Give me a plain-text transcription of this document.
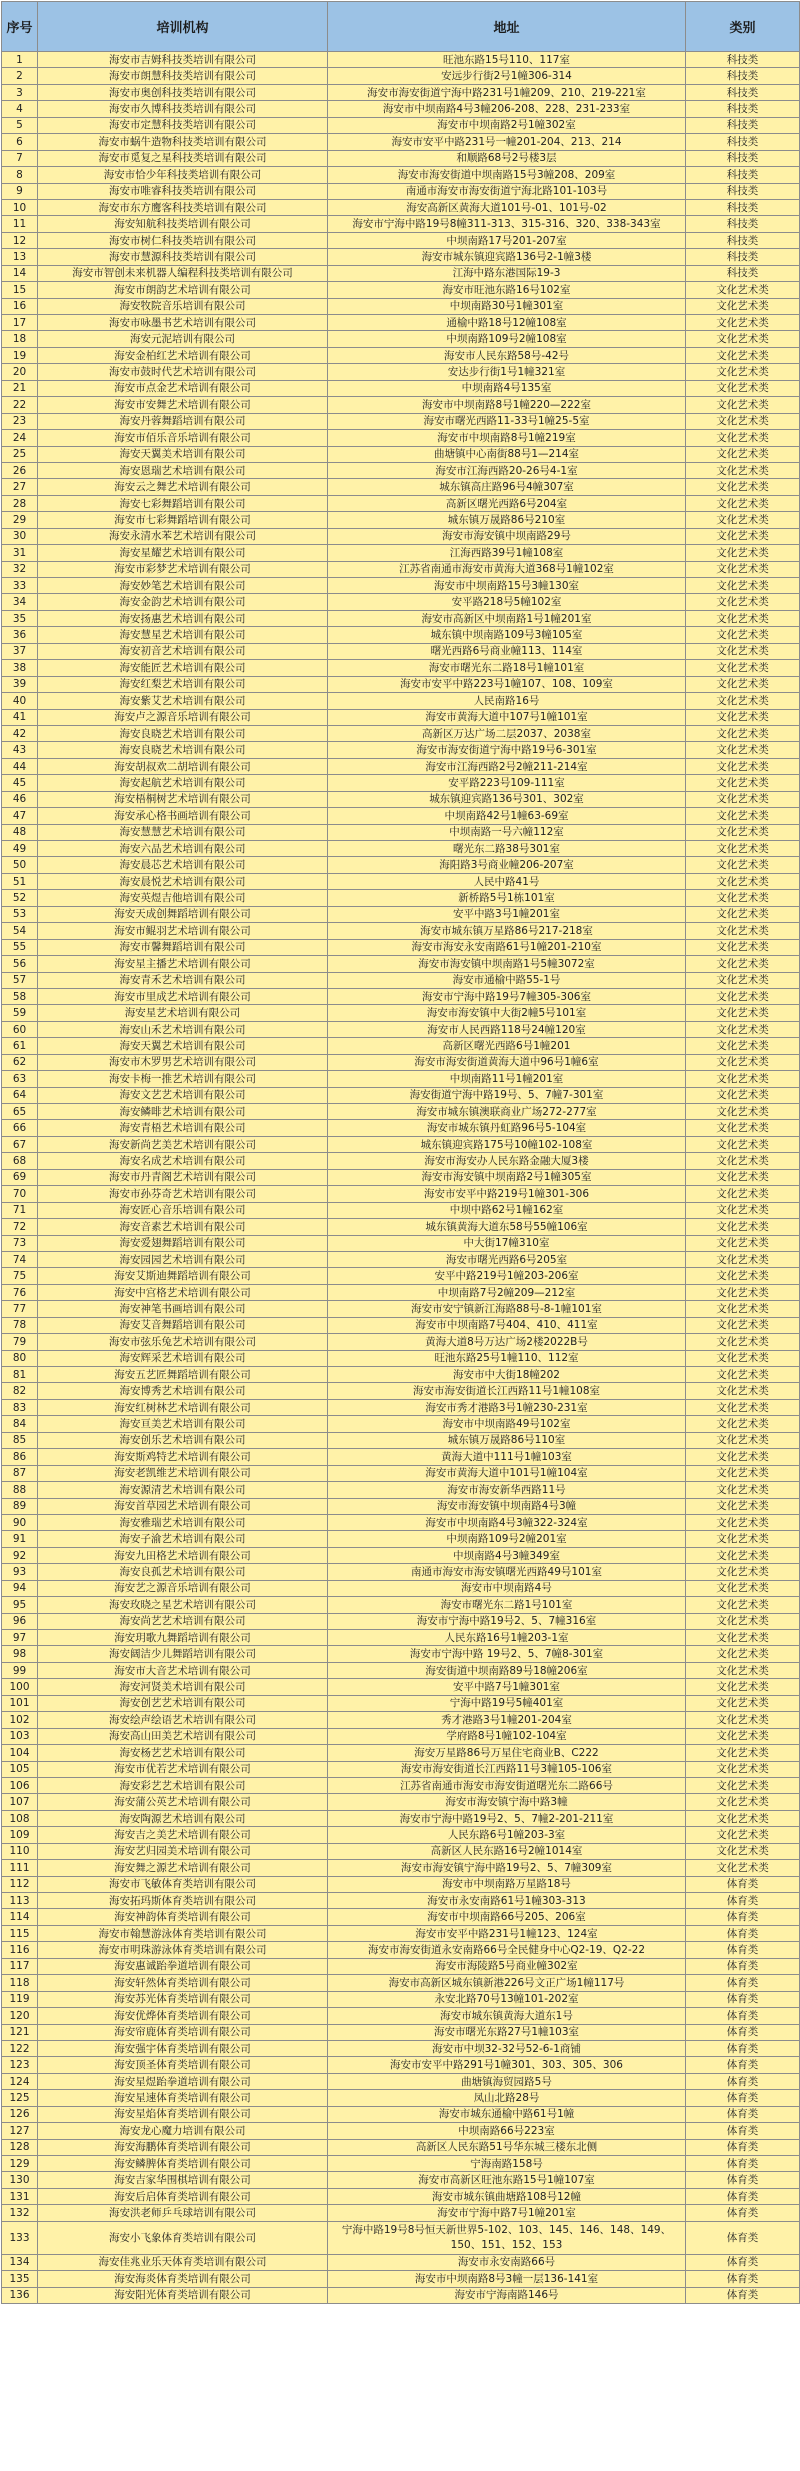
序号	培训机构	地址	类别
1	海安市吉姆科技类培训有限公司	旺池东路15号110、117室	科技类
2	海安市朗慧科技类培训有限公司	安远步行街2号1幢306-314	科技类
3	海安市奥创科技类培训有限公司	海安市海安街道宁海中路231号1幢209、210、219-221室	科技类
4	海安市久博科技类培训有限公司	海安市中坝南路4号3幢206-208、228、231-233室	科技类
5	海安市定慧科技类培训有限公司	海安市中坝南路2号1幢302室	科技类
6	海安市蜗牛造物科技类培训有限公司	海安市安平中路231号一幢201-204、213、214	科技类
7	海安市觅复之星科技类培训有限公司	和顺路68号2号楼3层	科技类
8	海安市恰少年科技类培训有限公司	海安市海安街道中坝南路15号3幢208、209室	科技类
9	海安市唯睿科技类培训有限公司	南通市海安市海安街道宁海北路101-103号	科技类
10	海安市东方鹰客科技类培训有限公司	海安高新区黄海大道101号-01、101号-02	科技类
11	海安知航科技类培训有限公司	海安市宁海中路19号8幢311-313、315-316、320、338-343室	科技类
12	海安市树仁科技类培训有限公司	中坝南路17号201-207室	科技类
13	海安市慧源科技类培训有限公司	海安市城东镇迎宾路136号2-1幢3楼	科技类
14	海安市智创未来机器人编程科技类培训有限公司	江海中路东港国际19-3	科技类
15	海安市朗韵艺术培训有限公司	海安市旺池东路16号102室	文化艺术类
16	海安牧院音乐培训有限公司	中坝南路30号1幢301室	文化艺术类
17	海安市咏墨书艺术培训有限公司	通榆中路18号12幢108室	文化艺术类
18	海安元泥培训有限公司	中坝南路109号2幢108室	文化艺术类
19	海安金柏红艺术培训有限公司	海安市人民东路58号-42号	文化艺术类
20	海安市鼓时代艺术培训有限公司	安达步行街1号1幢321室	文化艺术类
21	海安市点金艺术培训有限公司	中坝南路4号135室	文化艺术类
22	海安市安舞艺术培训有限公司	海安市中坝南路8号1幢220—222室	文化艺术类
23	海安丹蓉舞蹈培训有限公司	海安市曙光西路11-33号1幢25-5室	文化艺术类
24	海安市佰乐音乐培训有限公司	海安市中坝南路8号1幢219室	文化艺术类
25	海安天翼美术培训有限公司	曲塘镇中心南街88号1—214室	文化艺术类
26	海安恩瑞艺术培训有限公司	海安市江海西路20-26号4-1室	文化艺术类
27	海安云之舞艺术培训有限公司	城东镇高庄路96号4幢307室	文化艺术类
28	海安七彩舞蹈培训有限公司	高新区曙光西路6号204室	文化艺术类
29	海安市七彩舞蹈培训有限公司	城东镇万晟路86号210室	文化艺术类
30	海安永清水苯艺术培训有限公司	海安市海安镇中坝南路29号	文化艺术类
31	海安星耀艺术培训有限公司	江海西路39号1幢108室	文化艺术类
32	海安市彩梦艺术培训有限公司	江苏省南通市海安市黄海大道368号1幢102室	文化艺术类
33	海安妙笔艺术培训有限公司	海安市中坝南路15号3幢130室	文化艺术类
34	海安金韵艺术培训有限公司	安平路218号5幢102室	文化艺术类
35	海安扬惠艺术培训有限公司	海安市高新区中坝南路1号1幢201室	文化艺术类
36	海安慧星艺术培训有限公司	城东镇中坝南路109号3幢105室	文化艺术类
37	海安初音艺术培训有限公司	曙光西路6号商业幢113、114室	文化艺术类
38	海安能匠艺术培训有限公司	海安市曙光东二路18号1幢101室	文化艺术类
39	海安红梨艺术培训有限公司	海安市安平中路223号1幢107、108、109室	文化艺术类
40	海安紫艾艺术培训有限公司	人民南路16号	文化艺术类
41	海安卢之源音乐培训有限公司	海安市黄海大道中107号1幢101室	文化艺术类
42	海安良晓艺术培训有限公司	高新区万达广场二层2037、2038室	文化艺术类
43	海安良晓艺术培训有限公司	海安市海安街道宁海中路19号6-301室	文化艺术类
44	海安胡叔欢二胡培训有限公司	海安市江海西路2号2幢211-214室	文化艺术类
45	海安起航艺术培训有限公司	安平路223号109-111室	文化艺术类
46	海安梧桐树艺术培训有限公司	城东镇迎宾路136号301、302室	文化艺术类
47	海安承心格书画培训有限公司	中坝南路42号1幢63-69室	文化艺术类
48	海安慧慧艺术培训有限公司	中坝南路一号六幢112室	文化艺术类
49	海安六品艺术培训有限公司	曙光东二路38号301室	文化艺术类
50	海安晨芯艺术培训有限公司	海阳路3号商业幢206-207室	文化艺术类
51	海安晨悦艺术培训有限公司	人民中路41号	文化艺术类
52	海安英煜吉他培训有限公司	新桥路5号1栋101室	文化艺术类
53	海安天成创舞蹈培训有限公司	安平中路3号1幢201室	文化艺术类
54	海安市鲲羽艺术培训有限公司	海安市城东镇万星路86号217-218室	文化艺术类
55	海安市馨舞蹈培训有限公司	海安市海安永安南路61号1幢201-210室	文化艺术类
56	海安星主播艺术培训有限公司	海安市海安镇中坝南路1号5幢3072室	文化艺术类
57	海安青禾艺术培训有限公司	海安市通榆中路55-1号	文化艺术类
58	海安市里成艺术培训有限公司	海安市宁海中路19号7幢305-306室	文化艺术类
59	海安星艺术培训有限公司	海安市海安镇中大街2幢5号101室	文化艺术类
60	海安山禾艺术培训有限公司	海安市人民西路118号24幢120室	文化艺术类
61	海安天翼艺术培训有限公司	高新区曙光西路6号1幢201	文化艺术类
62	海安市木罗男艺术培训有限公司	海安市海安街道黄海大道中96号1幢6室	文化艺术类
63	海安卡梅一推艺术培训有限公司	中坝南路11号1幢201室	文化艺术类
64	海安文艺艺术培训有限公司	海安街道宁海中路19号、5、7幢7-301室	文化艺术类
65	海安鳞啡艺术培训有限公司	海安市城东镇澳联商业广场272-277室	文化艺术类
66	海安青梧艺术培训有限公司	海安市城东镇丹虹路96号5-104室	文化艺术类
67	海安新尚艺美艺术培训有限公司	城东镇迎宾路175号10幢102-108室	文化艺术类
68	海安名成艺术培训有限公司	海安市海安办人民东路金融大厦3楼	文化艺术类
69	海安市丹青阁艺术培训有限公司	海安市海安镇中坝南路2号1幢305室	文化艺术类
70	海安市孙芬奇艺术培训有限公司	海安市安平中路219号1幢301-306	文化艺术类
71	海安匠心音乐培训有限公司	中坝中路62号1幢162室	文化艺术类
72	海安音素艺术培训有限公司	城东镇黄海大道东58号55幢106室	文化艺术类
73	海安爱翅舞蹈培训有限公司	中大街17幢310室	文化艺术类
74	海安园园艺术培训有限公司	海安市曙光西路6号205室	文化艺术类
75	海安艾斯迪舞蹈培训有限公司	安平中路219号1幢203-206室	文化艺术类
76	海安中宫格艺术培训有限公司	中坝南路7号2幢209—212室	文化艺术类
77	海安神笔书画培训有限公司	海安市安宁镇新江海路88号-8-1幢101室	文化艺术类
78	海安艾音舞蹈培训有限公司	海安市中坝南路7号404、410、411室	文化艺术类
79	海安市弦乐兔艺术培训有限公司	黄海大道8号万达广场2楼2022B号	文化艺术类
80	海安辉采艺术培训有限公司	旺池东路25号1幢110、112室	文化艺术类
81	海安五艺匠舞蹈培训有限公司	海安市中大街18幢202	文化艺术类
82	海安博秀艺术培训有限公司	海安市海安街道长江西路11号1幢108室	文化艺术类
83	海安红树林艺术培训有限公司	海安市秀才港路3号1幢230-231室	文化艺术类
84	海安亘美艺术培训有限公司	海安市中坝南路49号102室	文化艺术类
85	海安创乐艺术培训有限公司	城东镇万晟路86号110室	文化艺术类
86	海安斯鸡特艺术培训有限公司	黄海大道中111号1幢103室	文化艺术类
87	海安老凯维艺术培训有限公司	海安市黄海大道中101号1幢104室	文化艺术类
88	海安源清艺术培训有限公司	海安市海安新华西路11号	文化艺术类
89	海安首草园艺术培训有限公司	海安市海安镇中坝南路4号3幢	文化艺术类
90	海安雅瑞艺术培训有限公司	海安市中坝南路4号3幢322-324室	文化艺术类
91	海安子渝艺术培训有限公司	中坝南路109号2幢201室	文化艺术类
92	海安九田格艺术培训有限公司	中坝南路4号3幢349室	文化艺术类
93	海安良孤艺术培训有限公司	南通市海安市海安镇曙光西路49号101室	文化艺术类
94	海安艺之源音乐培训有限公司	海安市中坝南路4号	文化艺术类
95	海安玫晓之星艺术培训有限公司	海安市曙光东二路1号101室	文化艺术类
96	海安尚艺艺术培训有限公司	海安市宁海中路19号2、5、7幢316室	文化艺术类
97	海安玥歌九舞蹈培训有限公司	人民东路16号1幢203-1室	文化艺术类
98	海安阔洁少儿舞蹈培训有限公司	海安市宁海中路 19号2、5、7幢8-301室	文化艺术类
99	海安市大音艺术培训有限公司	海安街道中坝南路89号18幢206室	文化艺术类
100	海安河贤美术培训有限公司	安平中路7号1幢301室	文化艺术类
101	海安创艺艺术培训有限公司	宁海中路19号5幢401室	文化艺术类
102	海安绘声绘语艺术培训有限公司	秀才港路3号1幢201-204室	文化艺术类
103	海安高山田美艺术培训有限公司	学府路8号1幢102-104室	文化艺术类
104	海安杨艺艺术培训有限公司	海安万星路86号万星住宅商业B、C222	文化艺术类
105	海安市优若艺术培训有限公司	海安市海安街道长江西路11号3幢105-106室	文化艺术类
106	海安彩艺艺术培训有限公司	江苏省南通市海安市海安街道曙光东二路66号	文化艺术类
107	海安蒲公英艺术培训有限公司	海安市海安镇宁海中路3幢	文化艺术类
108	海安陶源艺术培训有限公司	海安市宁海中路19号2、5、7幢2-201-211室	文化艺术类
109	海安吉之美艺术培训有限公司	人民东路6号1幢203-3室	文化艺术类
110	海安艺归园美术培训有限公司	高新区人民东路16号2幢1014室	文化艺术类
111	海安舞之源艺术培训有限公司	海安市海安镇宁海中路19号2、5、7幢309室	文化艺术类
112	海安市飞敏体育类培训有限公司	海安市中坝南路万星路18号	体育类
113	海安拓玛斯体育类培训有限公司	海安市永安南路61号1幢303-313	体育类
114	海安神韵体育类培训有限公司	海安市中坝南路66号205、206室	体育类
115	海安市翰慧游泳体育类培训有限公司	海安市安平中路231号1幢123、124室	体育类
116	海安市明珠游泳体育类培训有限公司	海安市海安街道永安南路66号全民健身中心Q2-19、Q2-22	体育类
117	海安惠诚跆拳道培训有限公司	海安市海陵路5号商业幢302室	体育类
118	海安轩然体育类培训有限公司	海安市高新区城东镇新港226号文正广场1幢117号	体育类
119	海安苏光体育类培训有限公司	永安北路70号13幢101-202室	体育类
120	海安优烨体育类培训有限公司	海安市城东镇黄海大道东1号	体育类
121	海安帘鹿体育类培训有限公司	海安市曙光东路27号1幢103室	体育类
122	海安强宇体育类培训有限公司	海安市中坝32-32号52-6-1商铺	体育类
123	海安顶圣体育类培训有限公司	海安市安平中路291号1幢301、303、305、306	体育类
124	海安星煜跆拳道培训有限公司	曲塘镇海贸园路5号	体育类
125	海安星速体育类培训有限公司	凤山北路28号	体育类
126	海安星焰体育类培训有限公司	海安市城东通榆中路61号1幢	体育类
127	海安龙心魔力培训有限公司	中坝南路66号223室	体育类
128	海安海鹏体育类培训有限公司	高新区人民东路51号华东城三楼东北侧	体育类
129	海安鳞脾体育类培训有限公司	宁海南路158号	体育类
130	海安吉家华围棋培训有限公司	海安市高新区旺池东路15号1幢107室	体育类
131	海安后启体育类培训有限公司	海安市城东镇曲塘路108号12幢	体育类
132	海安洪老师乒乓球培训有限公司	海安市宁海中路7号1幢201室	体育类
133	海安小飞象体育类培训有限公司	宁海中路19号8号恒天新世界5-102、103、145、146、148、149、150、151、152、153	体育类
134	海安佳兆业乐天体育类培训有限公司	海安市永安南路66号	体育类
135	海安海炎体育类培训有限公司	海安市中坝南路8号3幢一层136-141室	体育类
136	海安阳光体育类培训有限公司	海安市宁海南路146号	体育类
